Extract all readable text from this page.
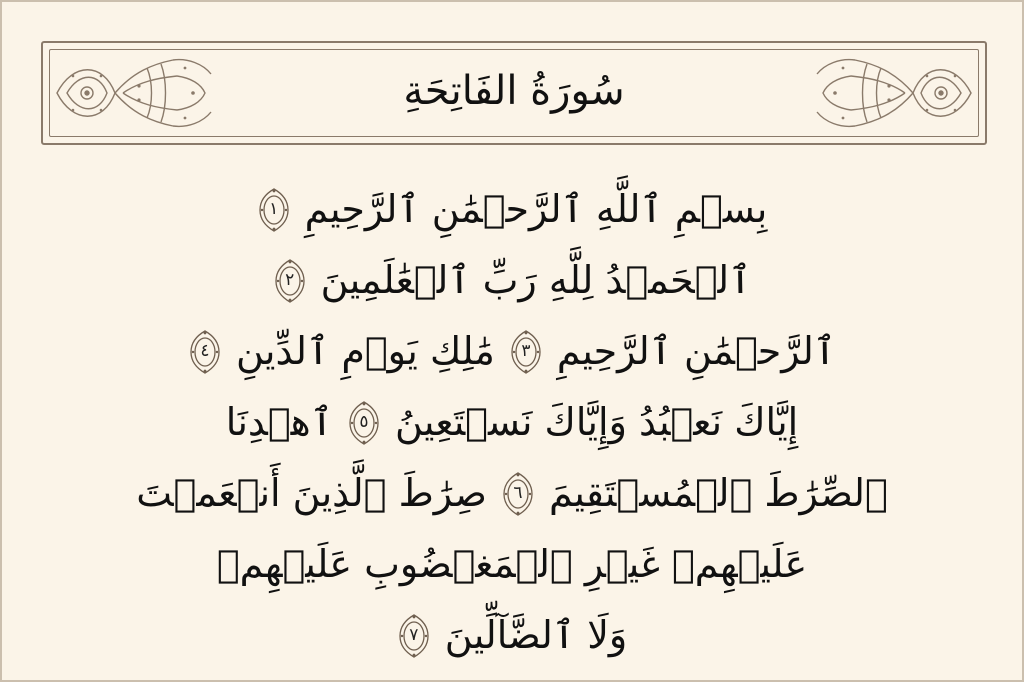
سُورَةُ الفَاتِحَةِ
بِسۡمِ ٱللَّهِ ٱلرَّحۡمَٰنِ ٱلرَّحِيمِ
١
ٱلۡحَمۡدُ لِلَّهِ رَبِّ ٱلۡعَٰلَمِينَ
٢
ٱلرَّحۡمَٰنِ ٱلرَّحِيمِ
٣
مَٰلِكِ يَوۡمِ ٱلدِّينِ
٤
إِيَّاكَ نَعۡبُدُ وَإِيَّاكَ نَسۡتَعِينُ
٥
ٱهۡدِنَا
ٱلصِّرَٰطَ ٱلۡمُسۡتَقِيمَ
٦
صِرَٰطَ ٱلَّذِينَ أَنۡعَمۡتَ
عَلَيۡهِمۡ غَيۡرِ ٱلۡمَغۡضُوبِ عَلَيۡهِمۡ
وَلَا ٱلضَّآلِّينَ
٧
